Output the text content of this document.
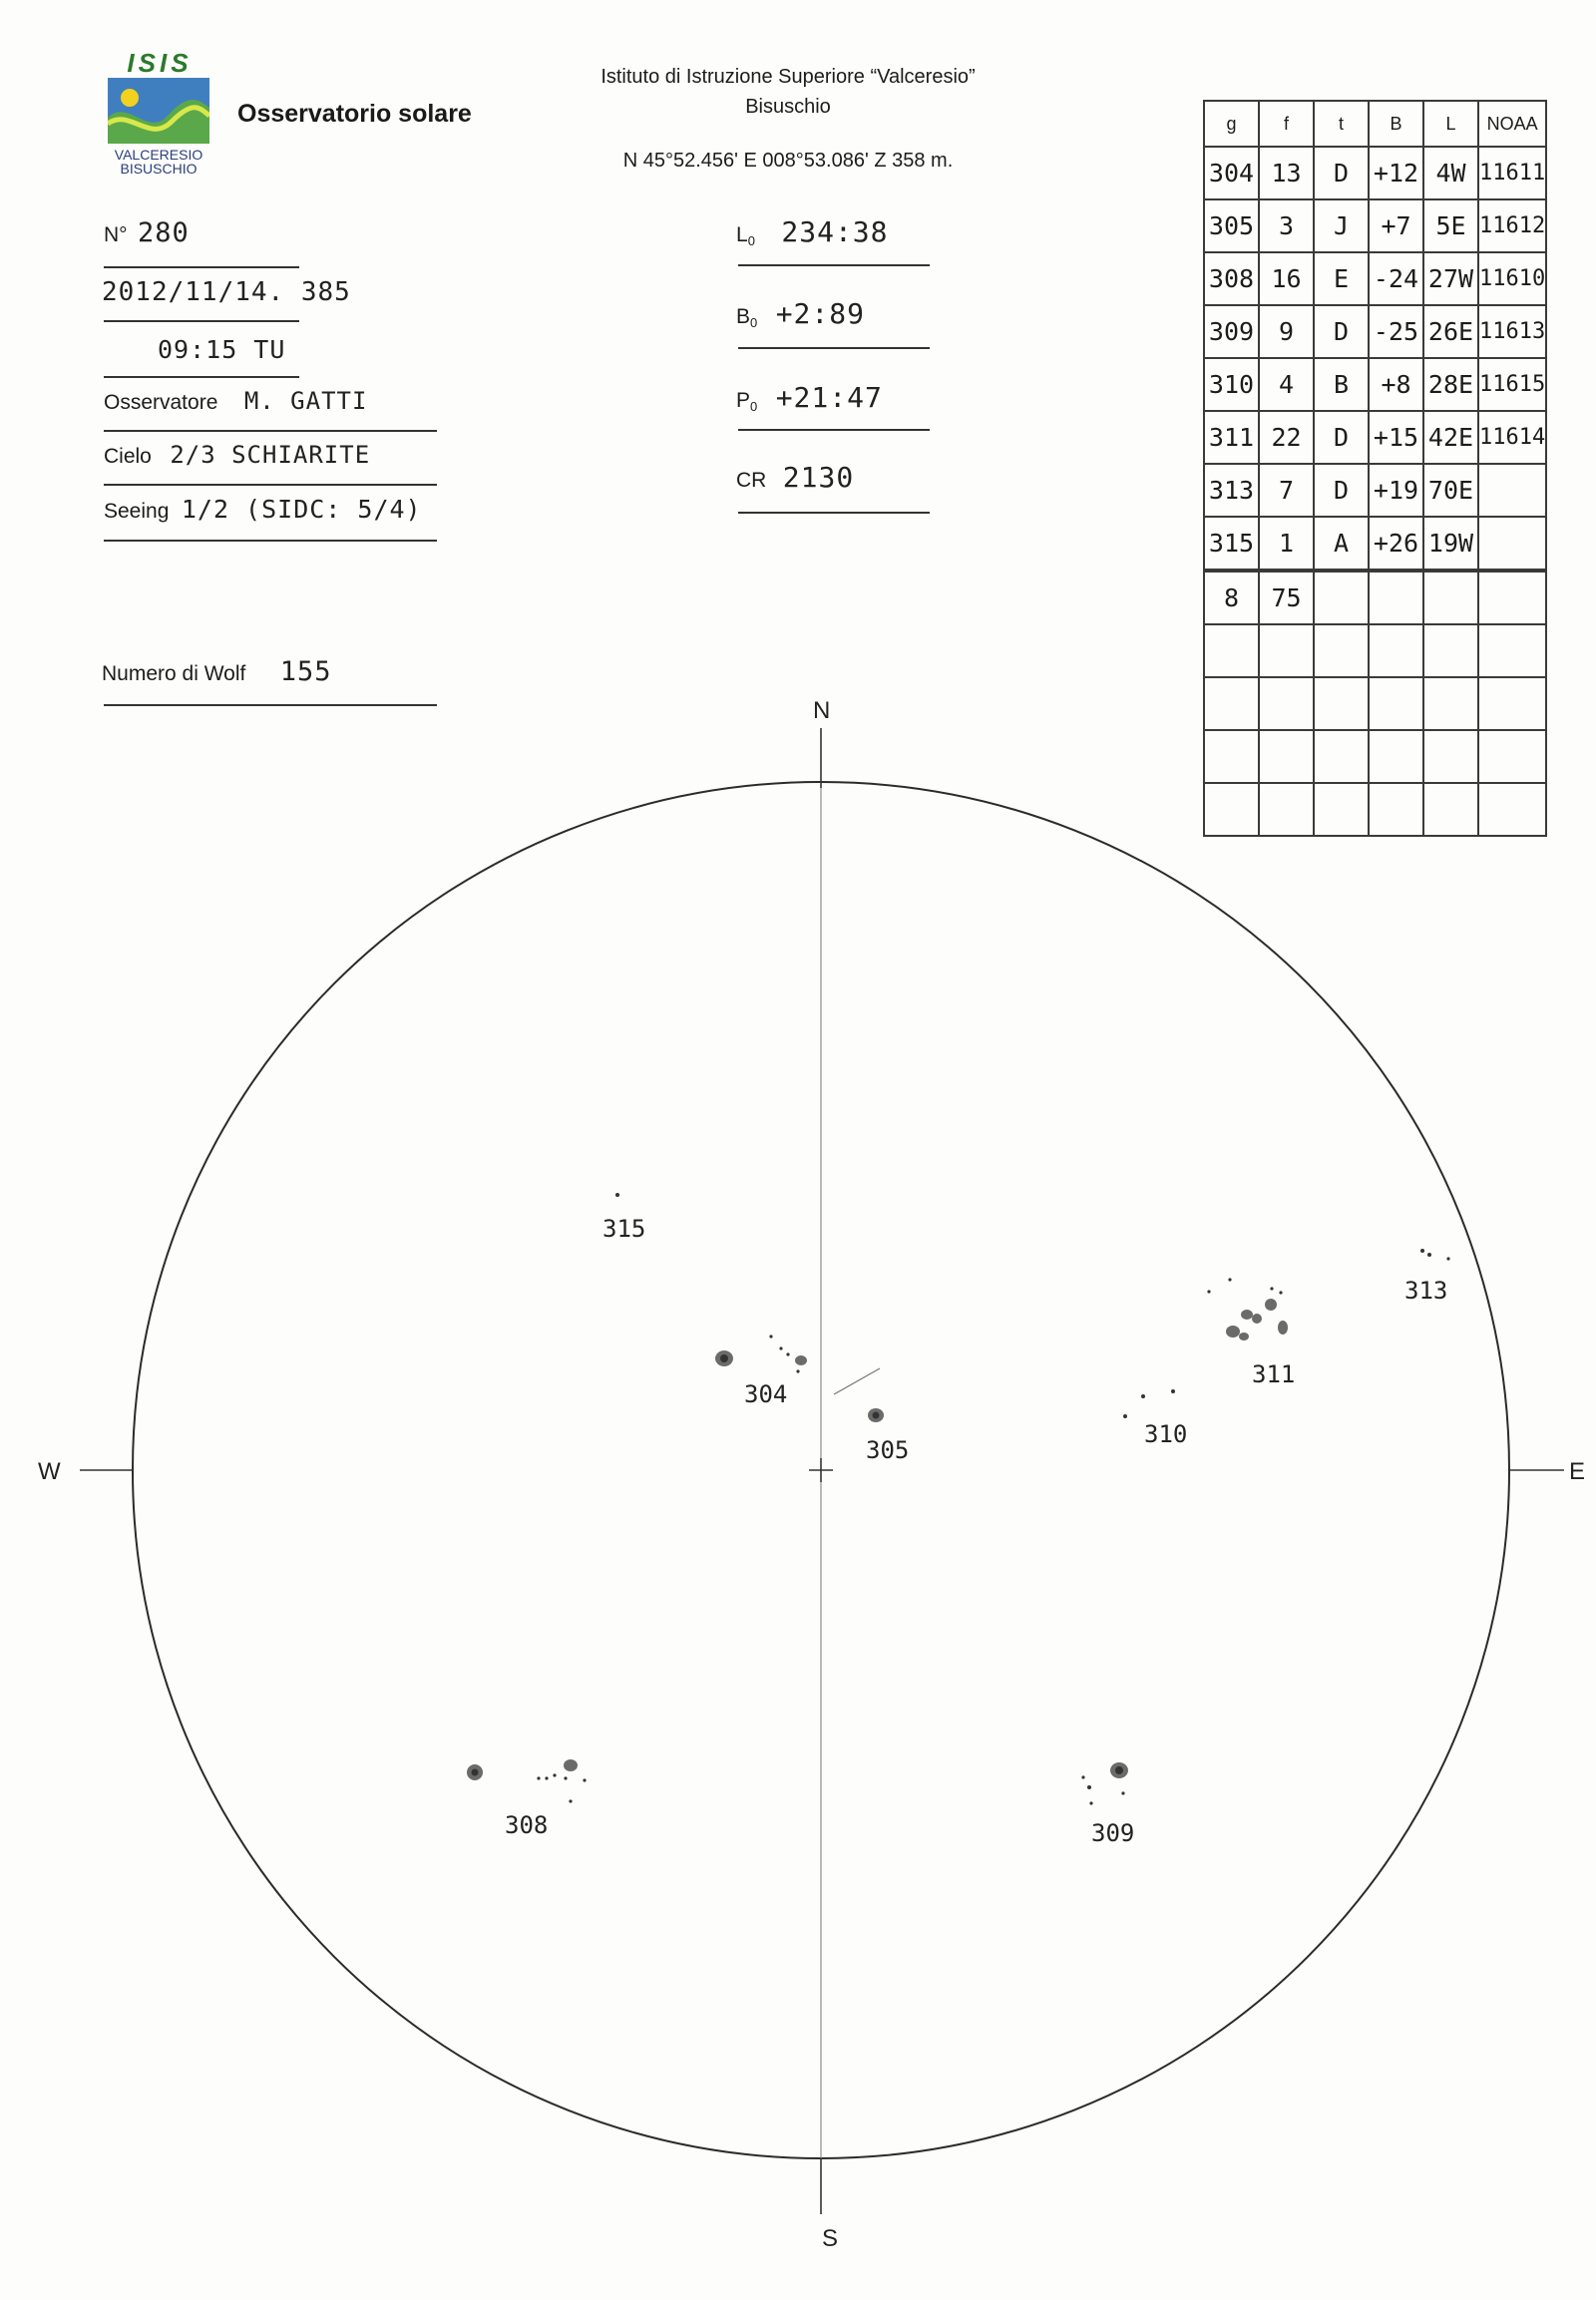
ISIS
VALCERESIO
BISUSCHIO
Osservatorio solare
Istituto di Istruzione Superiore “Valceresio”
Bisuschio
N 45°52.456' E 008°53.086' Z 358 m.
N° 280
2012/11/14. 385
09:15 TU
Osservatore M. GATTI
Cielo 2/3 SCHIARITE
Seeing 1/2 (SIDC: 5/4)
Numero di Wolf 155
$L_0$ 234:38
$B_0$ +2:89
$P_0$ +21:47
CR 2130
g	f	t	B	L	NOAA
304	13	D	+12	4W	11611
305	3	J	+7	5E	11612
308	16	E	-24	27W	11610
309	9	D	-25	26E	11613
310	4	B	+8	28E	11615
311	22	D	+15	42E	11614
313	7	D	+19	70E	
315	1	A	+26	19W	
8	75				

N
S
W	E
315
304
305
310
311
313
308	309
